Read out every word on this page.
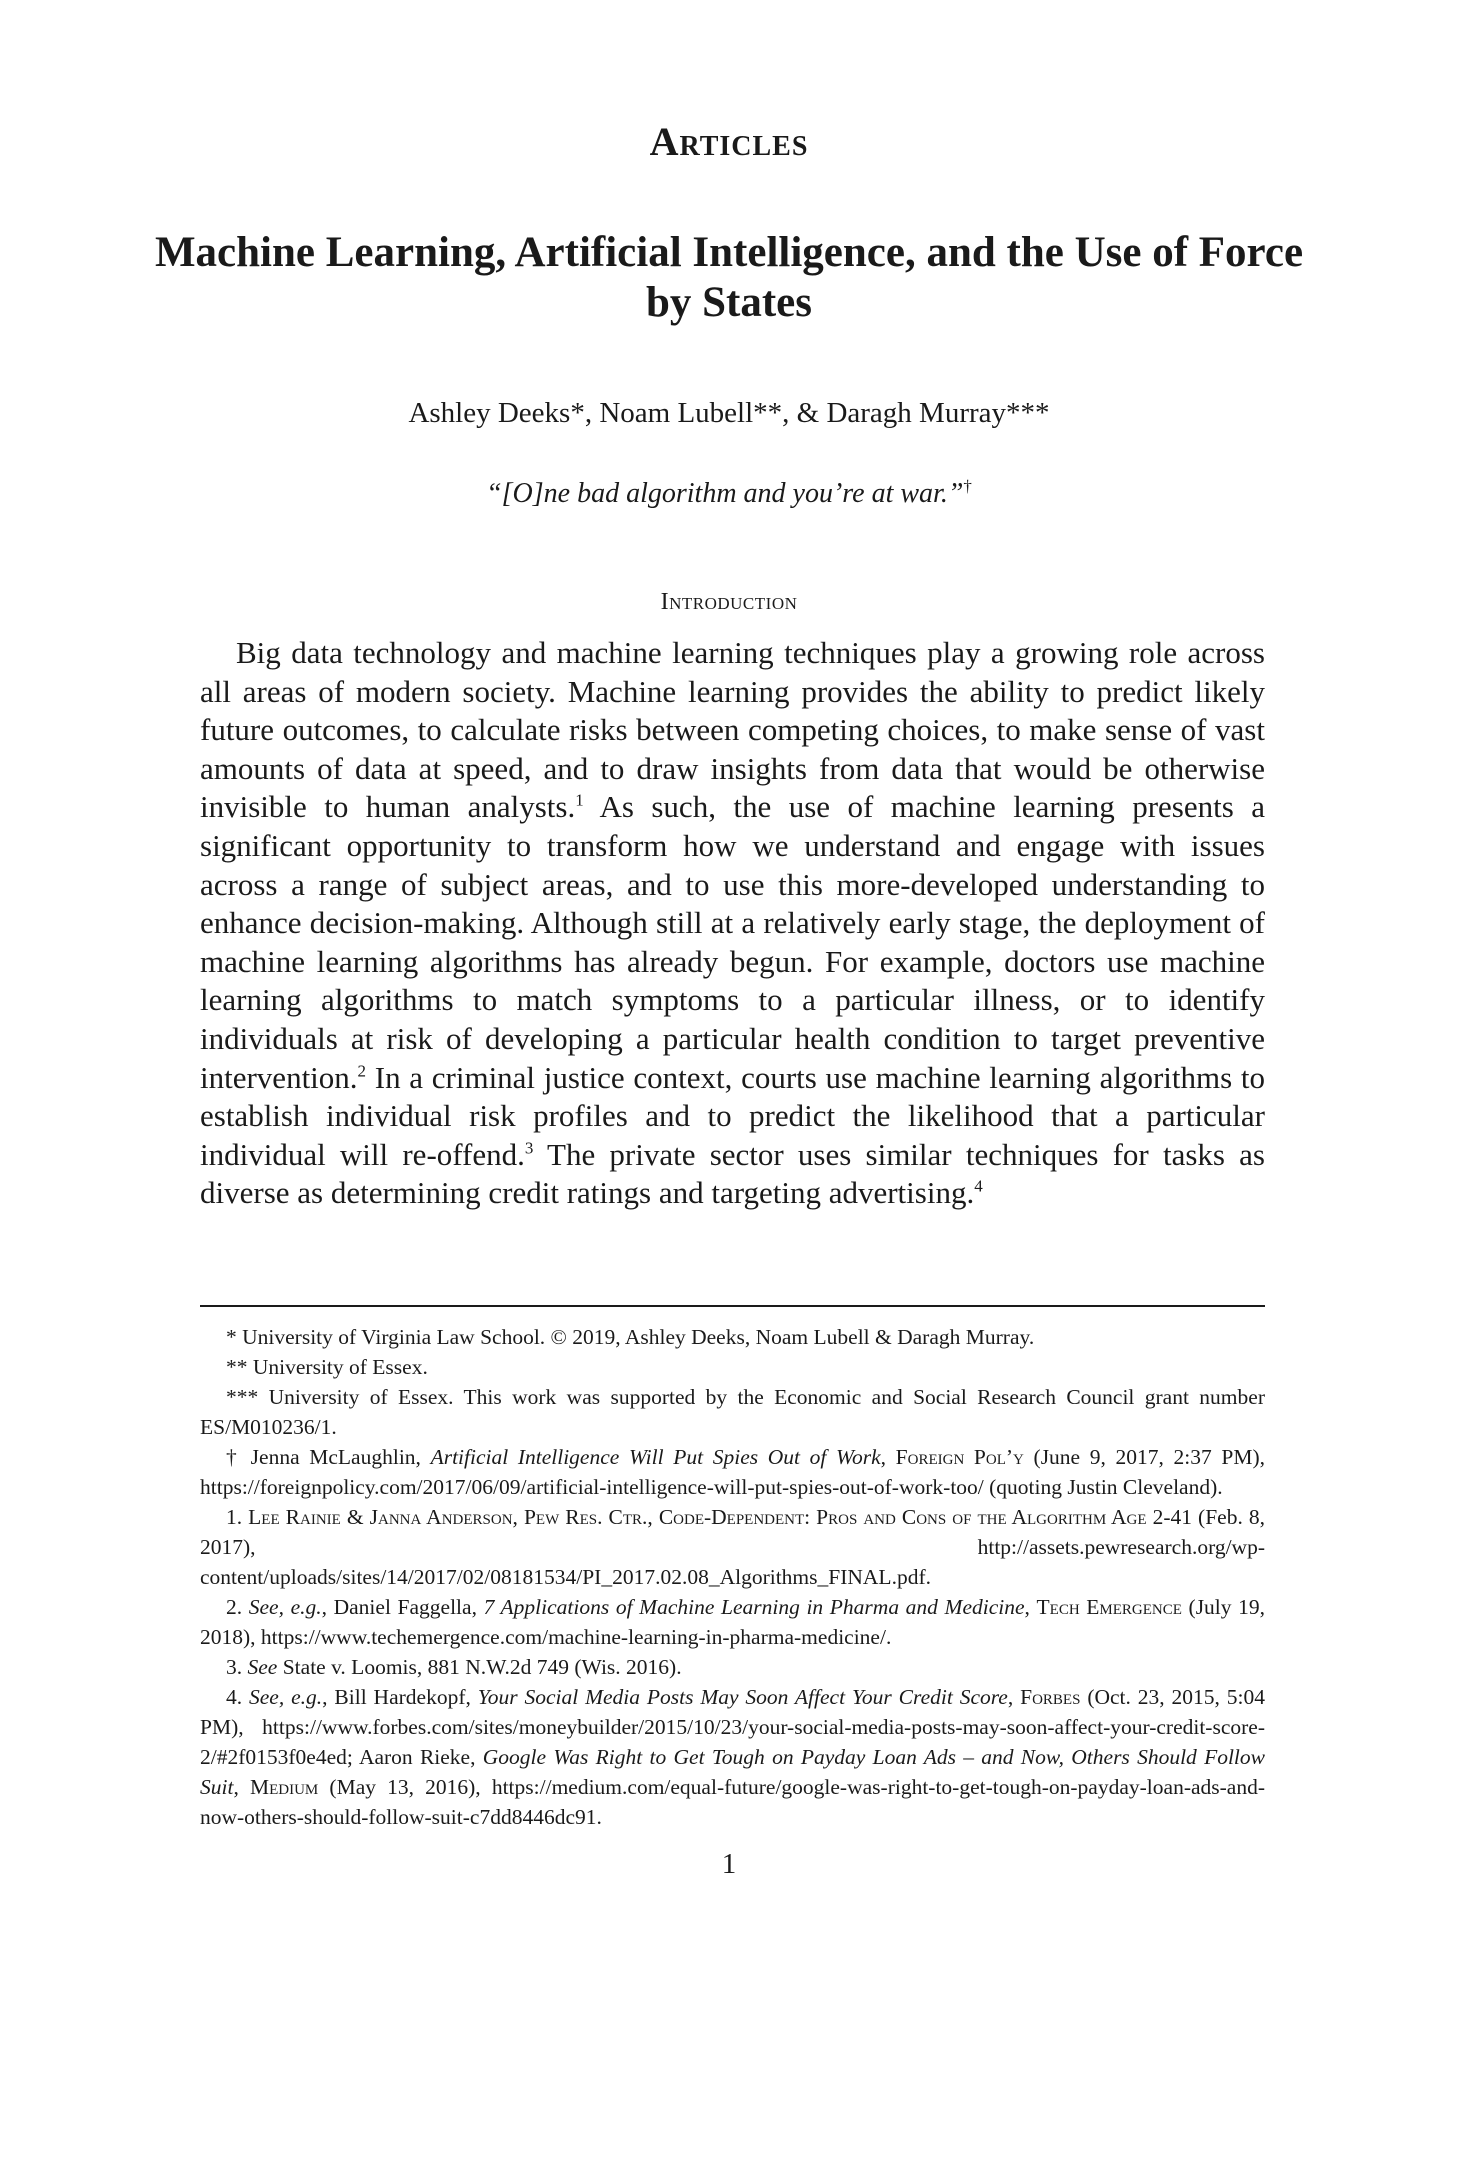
Articles
Machine Learning, Artificial Intelligence, and the Use of Force by States
Ashley Deeks*, Noam Lubell**, & Daragh Murray***
“[O]ne bad algorithm and you’re at war.”†
Introduction

Big data technology and machine learning techniques play a growing role across all areas of modern society. Machine learning provides the ability to predict likely future outcomes, to calculate risks between competing choices, to make sense of vast amounts of data at speed, and to draw insights from data that would be otherwise invisible to human analysts.$^1$ As such, the use of machine learning presents a significant opportunity to transform how we understand and engage with issues across a range of subject areas, and to use this more-developed understanding to enhance decision-making. Although still at a relatively early stage, the deployment of machine learning algorithms has already begun. For example, doctors use machine learning algorithms to match symptoms to a particular illness, or to identify individuals at risk of developing a particular health condition to target preventive intervention.$^2$ In a criminal justice context, courts use machine learning algorithms to establish individual risk profiles and to predict the likelihood that a particular individual will re-offend.$^3$ The private sector uses similar techniques for tasks as diverse as determining credit ratings and targeting advertising.$^4$

* University of Virginia Law School. © 2019, Ashley Deeks, Noam Lubell & Daragh Murray.

** University of Essex.

*** University of Essex. This work was supported by the Economic and Social Research Council grant number ES/M010236/1.

† Jenna McLaughlin, Artificial Intelligence Will Put Spies Out of Work, Foreign Pol’y (June 9, 2017, 2:37 PM), https://foreignpolicy.com/2017/06/09/artificial-intelligence-will-put-spies-out-of-work-too/ (quoting Justin Cleveland).

1. Lee Rainie & Janna Anderson, Pew Res. Ctr., Code-Dependent: Pros and Cons of the Algorithm Age 2-41 (Feb. 8, 2017), http://assets.pewresearch.org/wp-content/uploads/sites/14/2017/02/08181534/PI_2017.02.08_Algorithms_FINAL.pdf.

2. See, e.g., Daniel Faggella, 7 Applications of Machine Learning in Pharma and Medicine, Tech Emergence (July 19, 2018), https://www.techemergence.com/machine-learning-in-pharma-medicine/.

3. See State v. Loomis, 881 N.W.2d 749 (Wis. 2016).

4. See, e.g., Bill Hardekopf, Your Social Media Posts May Soon Affect Your Credit Score, Forbes (Oct. 23, 2015, 5:04 PM), https://www.forbes.com/sites/moneybuilder/2015/10/23/your-social-media-posts-may-soon-affect-your-credit-score-2/#2f0153f0e4ed; Aaron Rieke, Google Was Right to Get Tough on Payday Loan Ads – and Now, Others Should Follow Suit, Medium (May 13, 2016), https://medium.com/equal-future/google-was-right-to-get-tough-on-payday-loan-ads-and-now-others-should-follow-suit-c7dd8446dc91.

1
